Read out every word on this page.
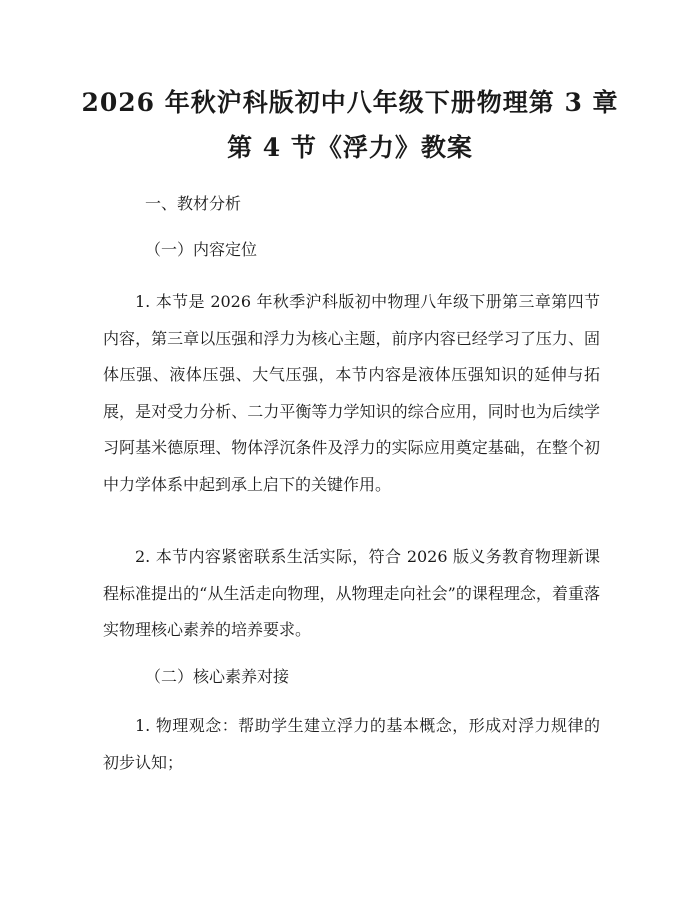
2026 年秋沪科版初中八年级下册物理第 3 章
第 4 节《浮力》教案

一、教材分析

（一）内容定位

1. 本节是 2026 年秋季沪科版初中物理八年级下册第三章第四节内容，第三章以压强和浮力为核心主题，前序内容已经学习了压力、固体压强、液体压强、大气压强，本节内容是液体压强知识的延伸与拓展，是对受力分析、二力平衡等力学知识的综合应用，同时也为后续学习阿基米德原理、物体浮沉条件及浮力的实际应用奠定基础，在整个初中力学体系中起到承上启下的关键作用。

2. 本节内容紧密联系生活实际，符合 2026 版义务教育物理新课程标准提出的“从生活走向物理，从物理走向社会”的课程理念，着重落实物理核心素养的培养要求。

（二）核心素养对接

1. 物理观念：帮助学生建立浮力的基本概念，形成对浮力规律的初步认知；
